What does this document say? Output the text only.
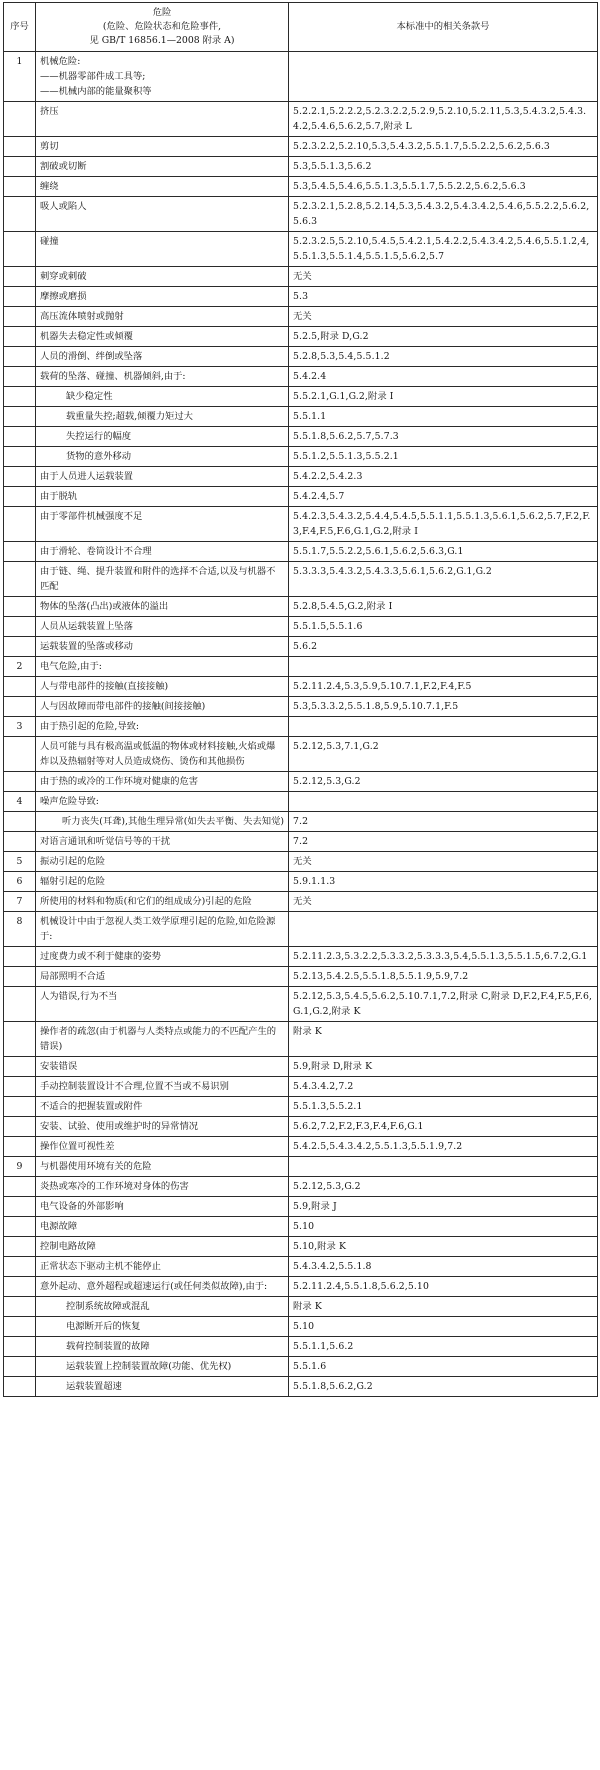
序号	危险
(危险、危险状态和危险事件,
见 GB/T 16856.1—2008 附录 A)	本标准中的相关条款号
1	机械危险:
——机器零部件成工具等;
——机械内部的能量聚积等	
	挤压	5.2.2.1,5.2.2.2,5.2.3.2.2,5.2.9,5.2.10,5.2.11,5.3,5.4.3.2,5.4.3.4.2,5.4.6,5.6.2,5.7,附录 L
	剪切	5.2.3.2.2,5.2.10,5.3,5.4.3.2,5.5.1.7,5.5.2.2,5.6.2,5.6.3
	割破或切断	5.3,5.5.1.3,5.6.2
	缠绕	5.3,5.4.5,5.4.6,5.5.1.3,5.5.1.7,5.5.2.2,5.6.2,5.6.3
	吸人或陷人	5.2.3.2.1,5.2.8,5.2.14,5.3,5.4.3.2,5.4.3.4.2,5.4.6,5.5.2.2,5.6.2,5.6.3
	碰撞	5.2.3.2.5,5.2.10,5.4.5,5.4.2.1,5.4.2.2,5.4.3.4.2,5.4.6,5.5.1.2,4,5.5.1.3,5.5.1.4,5.5.1.5,5.6.2,5.7
	刺穿或刺破	无关
	摩擦或磨损	5.3
	高压流体喷射或抛射	无关
	机器失去稳定性或倾覆	5.2.5,附录 D,G.2
	人员的滑倒、绊倒或坠落	5.2.8,5.3,5.4,5.5.1.2
	载荷的坠落、碰撞、机器倾斜,由于:	5.4.2.4
	缺少稳定性	5.5.2.1,G.1,G.2,附录 I
	载重量失控;超载,倾覆力矩过大	5.5.1.1
	失控运行的幅度	5.5.1.8,5.6.2,5.7,5.7.3
	货物的意外移动	5.5.1.2,5.5.1.3,5.5.2.1
	由于人员进人运载装置	5.4.2.2,5.4.2.3
	由于脱轨	5.4.2.4,5.7
	由于零部件机械强度不足	5.4.2.3,5.4.3.2,5.4.4,5.4.5,5.5.1.1,5.5.1.3,5.6.1,5.6.2,5.7,F.2,F.3,F.4,F.5,F.6,G.1,G.2,附录 I
	由于滑轮、卷筒设计不合理	5.5.1.7,5.5.2.2,5.6.1,5.6.2,5.6.3,G.1
	由于链、绳、提升装置和附件的选择不合适,以及与机器不匹配	5.3.3.3,5.4.3.2,5.4.3.3,5.6.1,5.6.2,G.1,G.2
	物体的坠落(凸出)或液体的溢出	5.2.8,5.4.5,G.2,附录 I
	人员从运载装置上坠落	5.5.1.5,5.5.1.6
	运载装置的坠落或移动	5.6.2
2	电气危险,由于:	
	人与带电部件的接触(直接接触)	5.2.11.2.4,5.3,5.9,5.10.7.1,F.2,F.4,F.5
	人与因故障而带电部件的接触(间接接触)	5.3,5.3.3.2,5.5.1.8,5.9,5.10.7.1,F.5
3	由于热引起的危险,导致:	
	人员可能与具有极高温或低温的物体或材料接触,火焰或爆炸以及热辐射等对人员造成烧伤、烫伤和其他损伤	5.2.12,5.3,7.1,G.2
	由于热的或冷的工作环境对健康的危害	5.2.12,5.3,G.2
4	噪声危险导致:	
	听力丧失(耳聋),其他生理异常(如失去平衡、失去知觉)	7.2
	对语言通讯和听觉信号等的干扰	7.2
5	振动引起的危险	无关
6	辐射引起的危险	5.9.1.1.3
7	所使用的材料和物质(和它们的组成成分)引起的危险	无关
8	机械设计中由于忽视人类工效学原理引起的危险,如危险源于:	
	过度费力或不利于健康的姿势	5.2.11.2.3,5.3.2.2,5.3.3.2,5.3.3.3,5.4,5.5.1.3,5.5.1.5,6.7.2,G.1
	局部照明不合适	5.2.13,5.4.2.5,5.5.1.8,5.5.1.9,5.9,7.2
	人为错误,行为不当	5.2.12,5.3,5.4.5,5.6.2,5.10.7.1,7.2,附录 C,附录 D,F.2,F.4,F.5,F.6,G.1,G.2,附录 K
	操作者的疏忽(由于机器与人类特点或能力的不匹配产生的错误)	附录 K
	安装错误	5.9,附录 D,附录 K
	手动控制装置设计不合理,位置不当或不易识别	5.4.3.4.2,7.2
	不适合的把握装置或附件	5.5.1.3,5.5.2.1
	安装、试验、使用或维护时的异常情况	5.6.2,7.2,F.2,F.3,F.4,F.6,G.1
	操作位置可视性差	5.4.2.5,5.4.3.4.2,5.5.1.3,5.5.1.9,7.2
9	与机器使用环境有关的危险	
	炎热或寒冷的工作环境对身体的伤害	5.2.12,5.3,G.2
	电气设备的外部影响	5.9,附录 J
	电源故障	5.10
	控制电路故障	5.10,附录 K
	正常状态下驱动主机不能停止	5.4.3.4.2,5.5.1.8
	意外起动、意外超程或超速运行(或任何类似故障),由于:	5.2.11.2.4,5.5.1.8,5.6.2,5.10
	控制系统故障或混乱	附录 K
	电源断开后的恢复	5.10
	载荷控制装置的故障	5.5.1.1,5.6.2
	运载装置上控制装置故障(功能、优先权)	5.5.1.6
	运载装置超速	5.5.1.8,5.6.2,G.2
